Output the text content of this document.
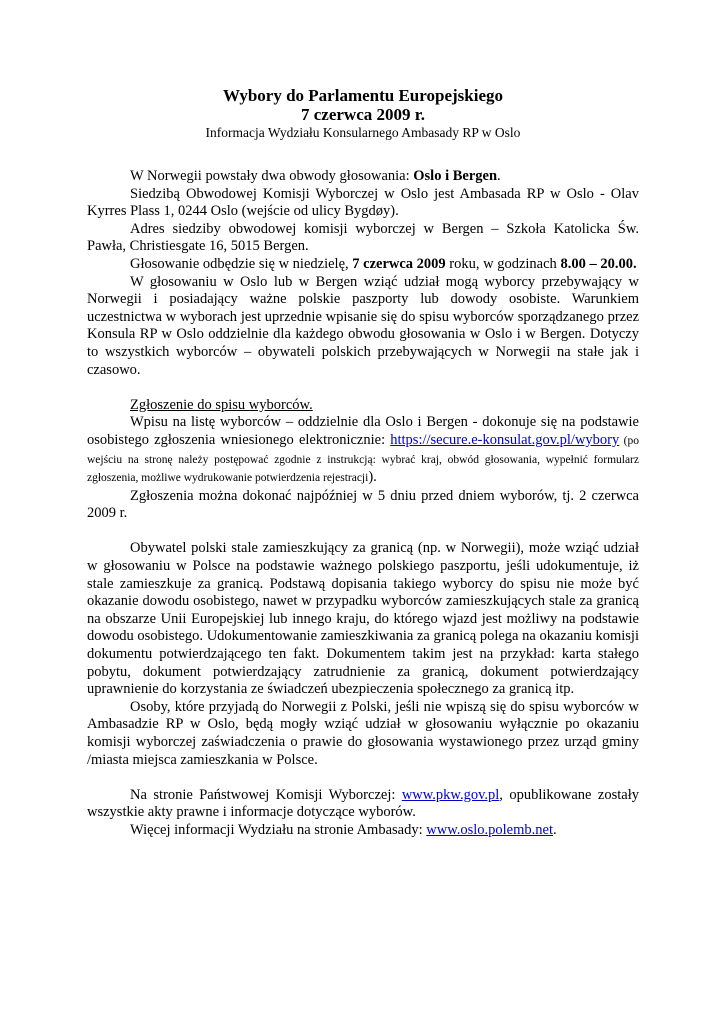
Wybory do Parlamentu Europejskiego
7 czerwca 2009 r.

Informacja Wydziału Konsularnego Ambasady RP w Oslo

W Norwegii powstały dwa obwody głosowania: Oslo i Bergen.

Siedzibą Obwodowej Komisji Wyborczej w Oslo jest Ambasada RP w Oslo - Olav Kyrres Plass 1, 0244 Oslo (wejście od ulicy Bygdøy).

Adres siedziby obwodowej komisji wyborczej w Bergen – Szkoła Katolicka Św. Pawła, Christiesgate 16, 5015 Bergen.

Głosowanie odbędzie się w niedzielę, 7 czerwca 2009 roku, w godzinach 8.00 – 20.00.

W głosowaniu w Oslo lub w Bergen wziąć udział mogą wyborcy przebywający w Norwegii i posiadający ważne polskie paszporty lub dowody osobiste. Warunkiem uczestnictwa w wyborach jest uprzednie wpisanie się do spisu wyborców sporządzanego przez Konsula RP w Oslo oddzielnie dla każdego obwodu głosowania w Oslo i w Bergen. Dotyczy to wszystkich wyborców – obywateli polskich przebywających w Norwegii na stałe jak i czasowo.

Zgłoszenie do spisu wyborców.

Wpisu na listę wyborców – oddzielnie dla Oslo i Bergen - dokonuje się na podstawie osobistego zgłoszenia wniesionego elektronicznie: https://secure.e-konsulat.gov.pl/wybory (po wejściu na stronę należy postępować zgodnie z instrukcją: wybrać kraj, obwód głosowania, wypełnić formularz zgłoszenia, możliwe wydrukowanie potwierdzenia rejestracji).

Zgłoszenia można dokonać najpóźniej w 5 dniu przed dniem wyborów, tj. 2 czerwca 2009 r.

Obywatel polski stale zamieszkujący za granicą (np. w Norwegii), może wziąć udział w głosowaniu w Polsce na podstawie ważnego polskiego paszportu, jeśli udokumentuje, iż stale zamieszkuje za granicą. Podstawą dopisania takiego wyborcy do spisu nie może być okazanie dowodu osobistego, nawet w przypadku wyborców zamieszkujących stale za granicą na obszarze Unii Europejskiej lub innego kraju, do którego wjazd jest możliwy na podstawie dowodu osobistego. Udokumentowanie zamieszkiwania za granicą polega na okazaniu komisji dokumentu potwierdzającego ten fakt. Dokumentem takim jest na przykład: karta stałego pobytu, dokument potwierdzający zatrudnienie za granicą, dokument potwierdzający uprawnienie do korzystania ze świadczeń ubezpieczenia społecznego za granicą itp.

Osoby, które przyjadą do Norwegii z Polski, jeśli nie wpiszą się do spisu wyborców w Ambasadzie RP w Oslo, będą mogły wziąć udział w głosowaniu wyłącznie po okazaniu komisji wyborczej zaświadczenia o prawie do głosowania wystawionego przez urząd gminy /miasta miejsca zamieszkania w Polsce.

Na stronie Państwowej Komisji Wyborczej: www.pkw.gov.pl, opublikowane zostały wszystkie akty prawne i informacje dotyczące wyborów.

Więcej informacji Wydziału na stronie Ambasady: www.oslo.polemb.net.
